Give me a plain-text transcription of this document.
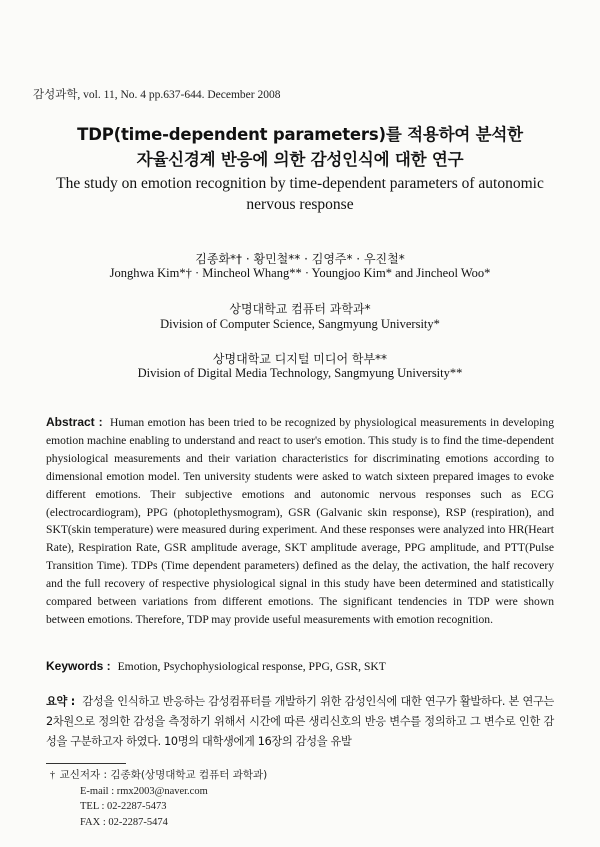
감성과학, vol. 11, No. 4 pp.637-644. December 2008
TDP(time-dependent parameters)를 적용하여 분석한
자율신경계 반응에 의한 감성인식에 대한 연구
The study on emotion recognition by time-dependent parameters of autonomic
nervous response
김종화*† · 황민철** · 김영주* · 우진철*
Jonghwa Kim*† · Mincheol Whang** · Youngjoo Kim* and Jincheol Woo*
상명대학교 컴퓨터 과학과*
Division of Computer Science, Sangmyung University*
상명대학교 디지털 미디어 학부**
Division of Digital Media Technology, Sangmyung University**
Abstract : Human emotion has been tried to be recognized by physiological measurements in developing emotion machine enabling to understand and react to user's emotion. This study is to find the time-dependent physiological measurements and their variation characteristics for discriminating emotions according to dimensional emotion model. Ten university students were asked to watch sixteen prepared images to evoke different emotions. Their subjective emotions and autonomic nervous responses such as ECG (electrocardiogram), PPG (photoplethysmogram), GSR (Galvanic skin response), RSP (respiration), and SKT(skin temperature) were measured during experiment. And these responses were analyzed into HR(Heart Rate), Respiration Rate, GSR amplitude average, SKT amplitude average, PPG amplitude, and PTT(Pulse Transition Time). TDPs (Time dependent parameters) defined as the delay, the activation, the half recovery and the full recovery of respective physiological signal in this study have been determined and statistically compared between variations from different emotions. The significant tendencies in TDP were shown between emotions. Therefore, TDP may provide useful measurements with emotion recognition.
Keywords : Emotion, Psychophysiological response, PPG, GSR, SKT
요약 : 감성을 인식하고 반응하는 감성컴퓨터를 개발하기 위한 감성인식에 대한 연구가 활발하다. 본 연구는 2차원으로 정의한 감성을 측정하기 위해서 시간에 따른 생리신호의 반응 변수를 정의하고 그 변수로 인한 감성을 구분하고자 하였다. 10명의 대학생에게 16장의 감성을 유발
† 교신저자 : 김종화(상명대학교 컴퓨터 과학과)
E-mail : rmx2003@naver.com
TEL : 02-2287-5473
FAX : 02-2287-5474
